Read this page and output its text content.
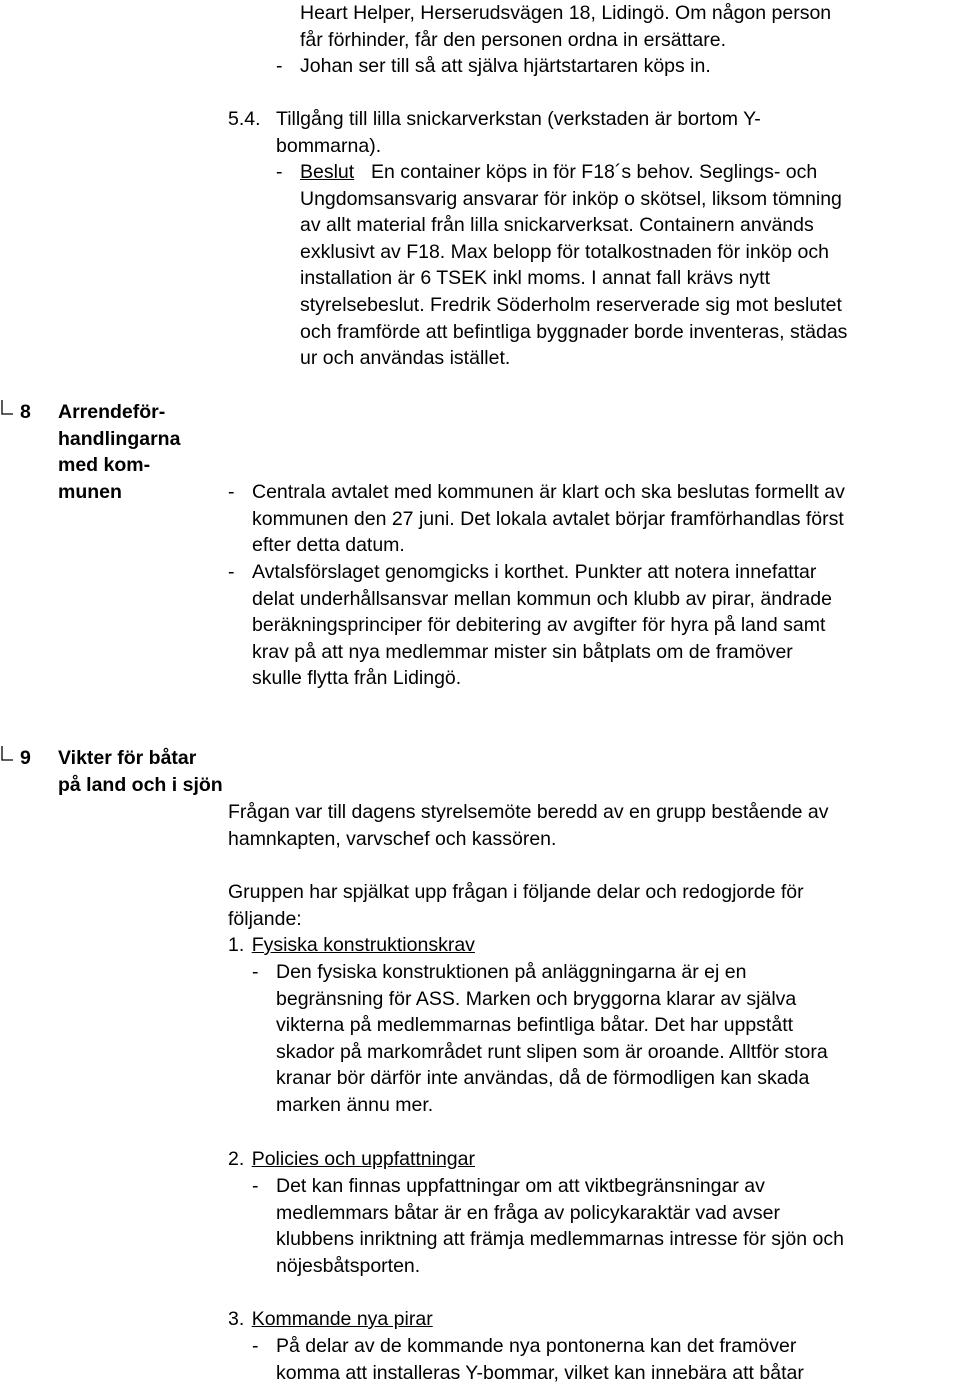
Heart Helper, Herserudsvägen 18, Lidingö. Om någon person
får förhinder, får den personen ordna in ersättare.
- Johan ser till så att själva hjärtstartaren köps in.
5.4. Tillgång till lilla snickarverkstan (verkstaden är bortom Y-
bommarna).
- Beslut En container köps in för F18´s behov. Seglings- och
Ungdomsansvarig ansvarar för inköp o skötsel, liksom tömning
av allt material från lilla snickarverksat. Containern används
exklusivt av F18. Max belopp för totalkostnaden för inköp och
installation är 6 TSEK inkl moms. I annat fall krävs nytt
styrelsebeslut. Fredrik Söderholm reserverade sig mot beslutet
och framförde att befintliga byggnader borde inventeras, städas
ur och användas istället.
8 Arrendeför-
handlingarna
med kom-
munen	- Centrala avtalet med kommunen är klart och ska beslutas formellt av
kommunen den 27 juni. Det lokala avtalet börjar framförhandlas först
efter detta datum.
- Avtalsförslaget genomgicks i korthet. Punkter att notera innefattar
delat underhållsansvar mellan kommun och klubb av pirar, ändrade
beräkningsprinciper för debitering av avgifter för hyra på land samt
krav på att nya medlemmar mister sin båtplats om de framöver
skulle flytta från Lidingö.
9 Vikter för båtar
på land och i sjön
Frågan var till dagens styrelsemöte beredd av en grupp bestående av
hamnkapten, varvschef och kassören.
Gruppen har spjälkat upp frågan i följande delar och redogjorde för
följande:
1. Fysiska konstruktionskrav
- Den fysiska konstruktionen på anläggningarna är ej en
begränsning för ASS. Marken och bryggorna klarar av själva
vikterna på medlemmarnas befintliga båtar. Det har uppstått
skador på markområdet runt slipen som är oroande. Alltför stora
kranar bör därför inte användas, då de förmodligen kan skada
marken ännu mer.
2. Policies och uppfattningar
- Det kan finnas uppfattningar om att viktbegränsningar av
medlemmars båtar är en fråga av policykaraktär vad avser
klubbens inriktning att främja medlemmarnas intresse för sjön och
nöjesbåtsporten.
3. Kommande nya pirar
- På delar av de kommande nya pontonerna kan det framöver
komma att installeras Y-bommar, vilket kan innebära att båtar
